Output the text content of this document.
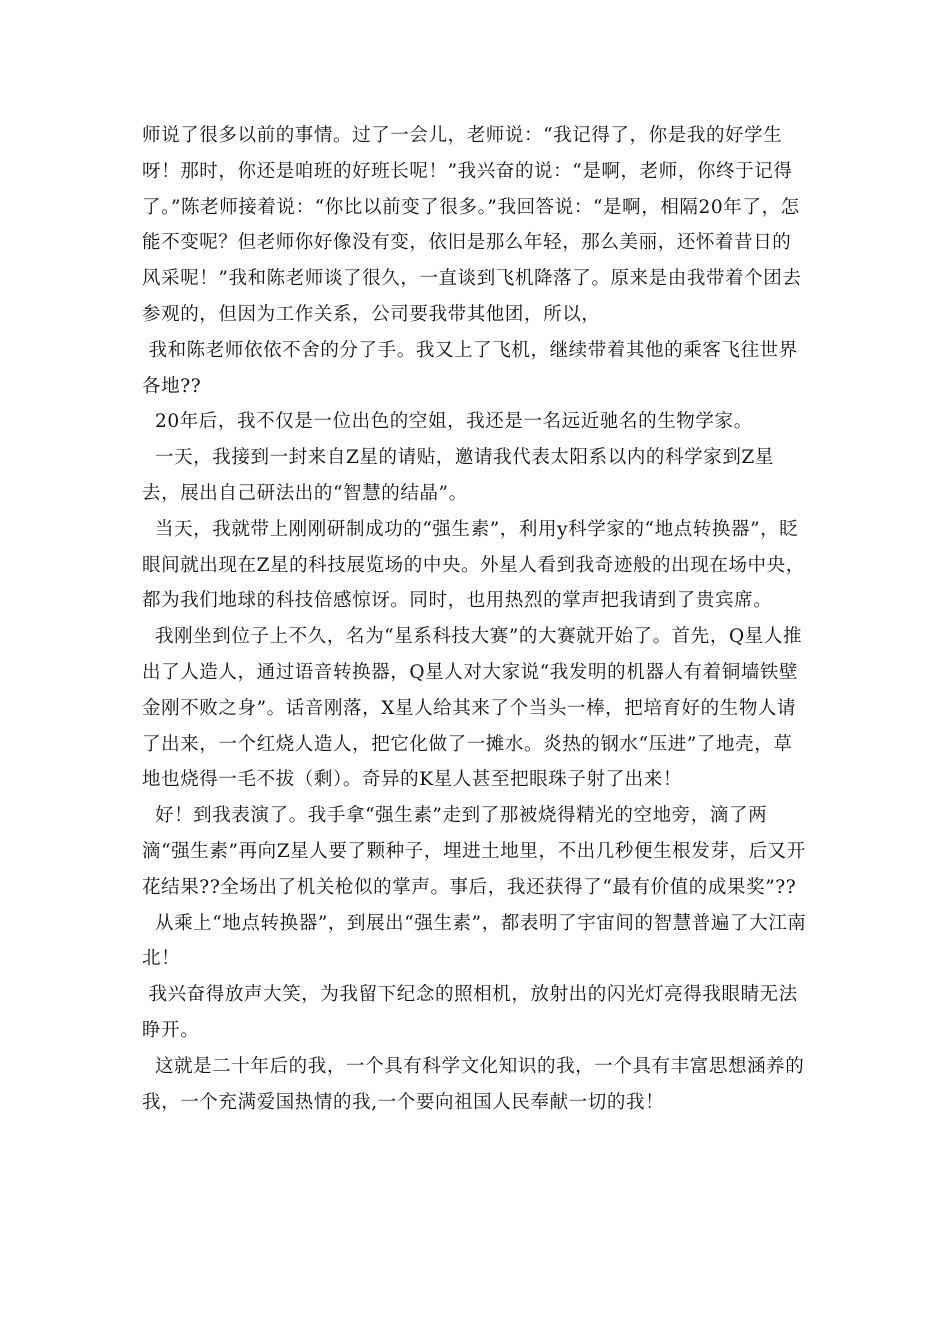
师说了很多以前的事情。过了一会儿，老师说：“我记得了，你是我的好学生呀！那时，你还是咱班的好班长呢！”我兴奋的说：“是啊，老师，你终于记得了。”陈老师接着说：“你比以前变了很多。”我回答说：“是啊，相隔20年了，怎能不变呢？但老师你好像没有变，依旧是那么年轻，那么美丽，还怀着昔日的风采呢！”我和陈老师谈了很久，一直谈到飞机降落了。原来是由我带着个团去参观的，但因为工作关系，公司要我带其他团，所以，

我和陈老师依依不舍的分了手。我又上了飞机，继续带着其他的乘客飞往世界各地??

20年后，我不仅是一位出色的空姐，我还是一名远近驰名的生物学家。

一天，我接到一封来自Z星的请贴，邀请我代表太阳系以内的科学家到Z星去，展出自己研法出的“智慧的结晶”。

当天，我就带上刚刚研制成功的“强生素”，利用y科学家的“地点转换器”，眨眼间就出现在Z星的科技展览场的中央。外星人看到我奇迹般的出现在场中央，都为我们地球的科技倍感惊讶。同时，也用热烈的掌声把我请到了贵宾席。

我刚坐到位子上不久，名为“星系科技大赛”的大赛就开始了。首先，Q星人推出了人造人，通过语音转换器，Q星人对大家说“我发明的机器人有着铜墙铁壁金刚不败之身”。话音刚落，X星人给其来了个当头一棒，把培育好的生物人请了出来，一个红烧人造人，把它化做了一摊水。炎热的钢水“压进”了地壳，草地也烧得一毛不拔（剩）。奇异的K星人甚至把眼珠子射了出来！

好！到我表演了。我手拿“强生素”走到了那被烧得精光的空地旁，滴了两滴“强生素”再向Z星人要了颗种子，埋进土地里，不出几秒便生根发芽，后又开花结果??全场出了机关枪似的掌声。事后，我还获得了“最有价值的成果奖”??

从乘上“地点转换器”，到展出“强生素”，都表明了宇宙间的智慧普遍了大江南北！

我兴奋得放声大笑，为我留下纪念的照相机，放射出的闪光灯亮得我眼睛无法睁开。

这就是二十年后的我，一个具有科学文化知识的我，一个具有丰富思想涵养的我，一个充满爱国热情的我,一个要向祖国人民奉献一切的我！
